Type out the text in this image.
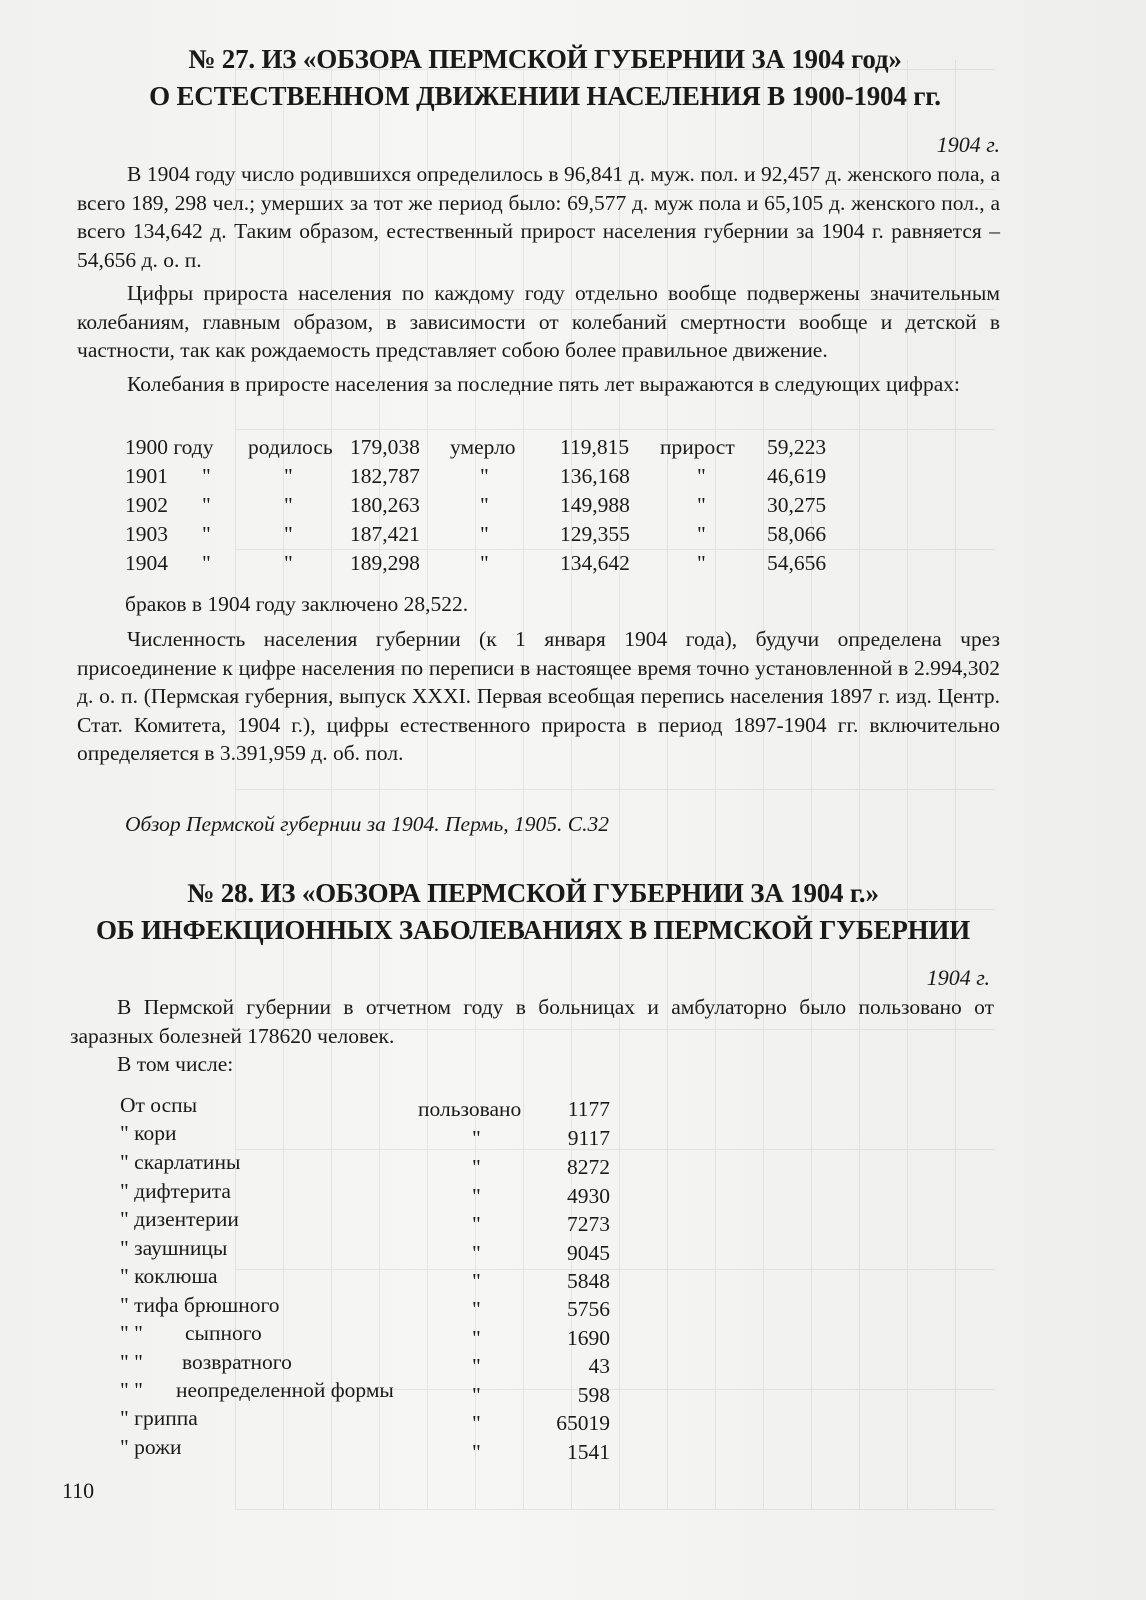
№ 27. ИЗ «ОБЗОРА ПЕРМСКОЙ ГУБЕРНИИ ЗА 1904 год»
О ЕСТЕСТВЕННОМ ДВИЖЕНИИ НАСЕЛЕНИЯ В 1900-1904 гг.
1904 г.
В 1904 году число родившихся определилось в 96,841 д. муж. пол. и 92,457 д. женского пола, а всего 189, 298 чел.; умерших за тот же период было: 69,577 д. муж пола и 65,105 д. женского пол., а всего 134,642 д. Таким образом, естественный прирост населения губернии за 1904 г. равняется – 54,656 д. о. п.
Цифры прироста населения по каждому году отдельно вообще подвержены значительным колебаниям, главным образом, в зависимости от колебаний смертности вообще и детской в частности, так как рождаемость представляет собою более правильное движение.
Колебания в приросте населения за последние пять лет выражаются в следующих цифрах:
1900 году родилось 179,038 умерло 119,815 прирост 59,223
1901 "	"	182,787	"	136,168	"	46,619
1902 "	"	180,263	"	149,988	"	30,275
1903 "	"	187,421	"	129,355	"	58,066
1904 "	"	189,298	"	134,642	"	54,656
браков в 1904 году заключено 28,522.
Численность населения губернии (к 1 января 1904 года), будучи определена чрез присоединение к цифре населения по переписи в настоящее время точно установленной в 2.994,302 д. о. п. (Пермская губерния, выпуск XXXI. Первая всеобщая перепись населения 1897 г. изд. Центр. Стат. Комитета, 1904 г.), цифры естественного прироста в период 1897-1904 гг. включительно определяется в 3.391,959 д. об. пол.
Обзор Пермской губернии за 1904. Пермь, 1905. С.32
№ 28. ИЗ «ОБЗОРА ПЕРМСКОЙ ГУБЕРНИИ ЗА 1904 г.»
ОБ ИНФЕКЦИОННЫХ ЗАБОЛЕВАНИЯХ В ПЕРМСКОЙ ГУБЕРНИИ
1904 г.
В Пермской губернии в отчетном году в больницах и амбулаторно было пользовано от заразных болезней 178620 человек.
В том числе:
От оспы	пользовано	1177
" кори	"	9117
" скарлатины	"	8272
" дифтерита	"	4930
" дизентерии	"	7273
" заушницы	"	9045
" коклюша	"	5848
" тифа брюшного	"	5756
" " сыпного	"	1690
" " возвратного	"	43
" " неопределенной формы	"	598
" гриппа	"	65019
" рожи	"	1541
110
